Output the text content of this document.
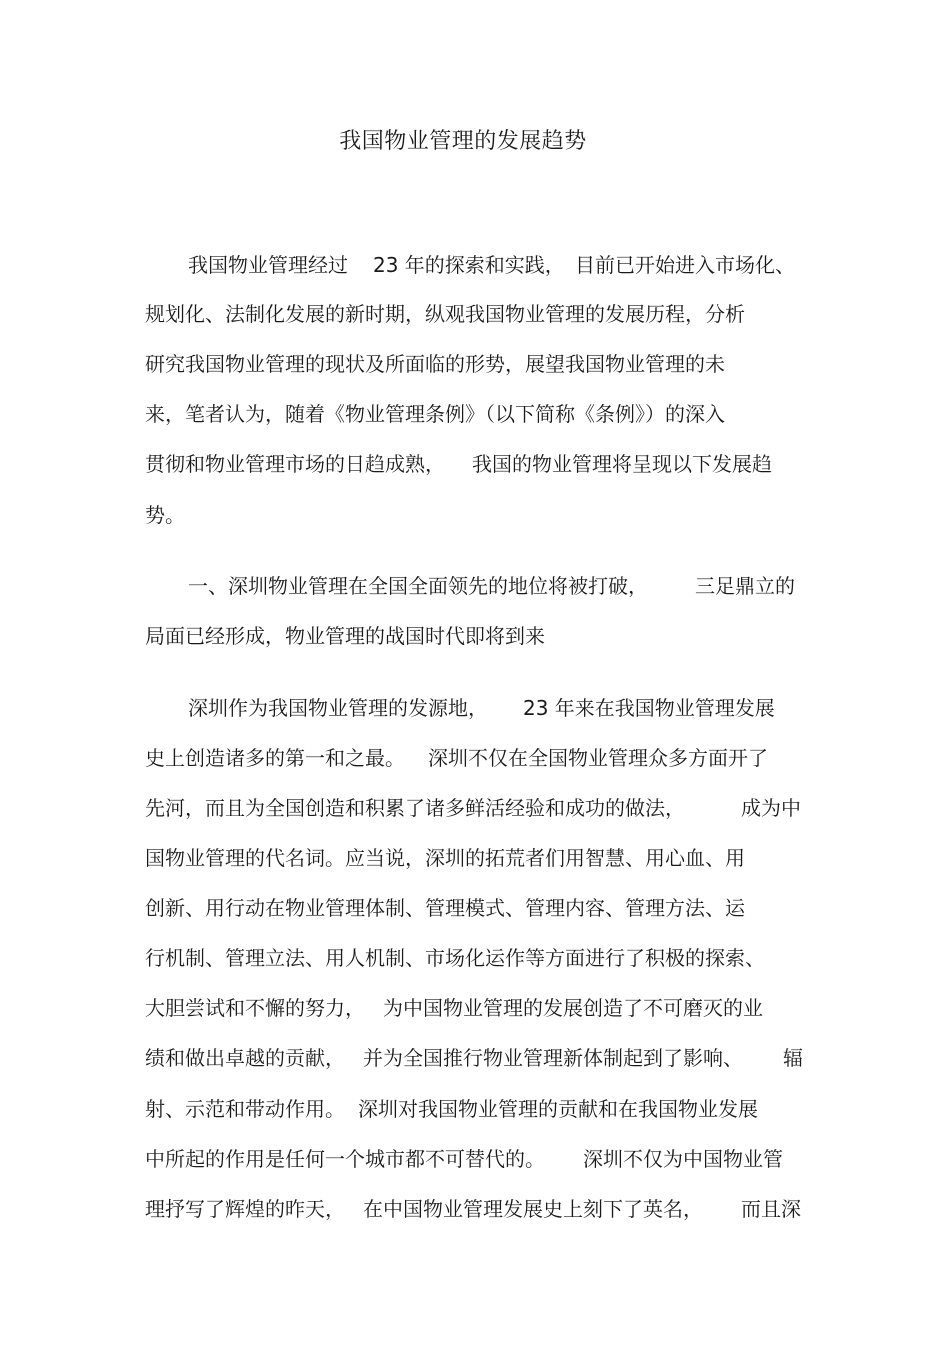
我国物业管理的发展趋势
我国物业管理经过 23 年的探索和实践， 目前已开始进入市场化、
规划化、法制化发展的新时期，纵观我国物业管理的发展历程，分析
研究我国物业管理的现状及所面临的形势，展望我国物业管理的未
来，笔者认为，随着《物业管理条例》（以下简称《条例》）的深入
贯彻和物业管理市场的日趋成熟， 我国的物业管理将呈现以下发展趋
势。
一、深圳物业管理在全国全面领先的地位将被打破， 三足鼎立的
局面已经形成，物业管理的战国时代即将到来
深圳作为我国物业管理的发源地， 23 年来在我国物业管理发展
史上创造诸多的第一和之最。 深圳不仅在全国物业管理众多方面开了
先河，而且为全国创造和积累了诸多鲜活经验和成功的做法，	成为中
国物业管理的代名词。应当说，深圳的拓荒者们用智慧、用心血、用
创新、用行动在物业管理体制、管理模式、管理内容、管理方法、运
行机制、管理立法、用人机制、市场化运作等方面进行了积极的探索、
大胆尝试和不懈的努力， 为中国物业管理的发展创造了不可磨灭的业
绩和做出卓越的贡献， 并为全国推行物业管理新体制起到了影响、 辐
射、示范和带动作用。 深圳对我国物业管理的贡献和在我国物业发展
中所起的作用是任何一个城市都不可替代的。 深圳不仅为中国物业管
理抒写了辉煌的昨天， 在中国物业管理发展史上刻下了英名， 而且深
